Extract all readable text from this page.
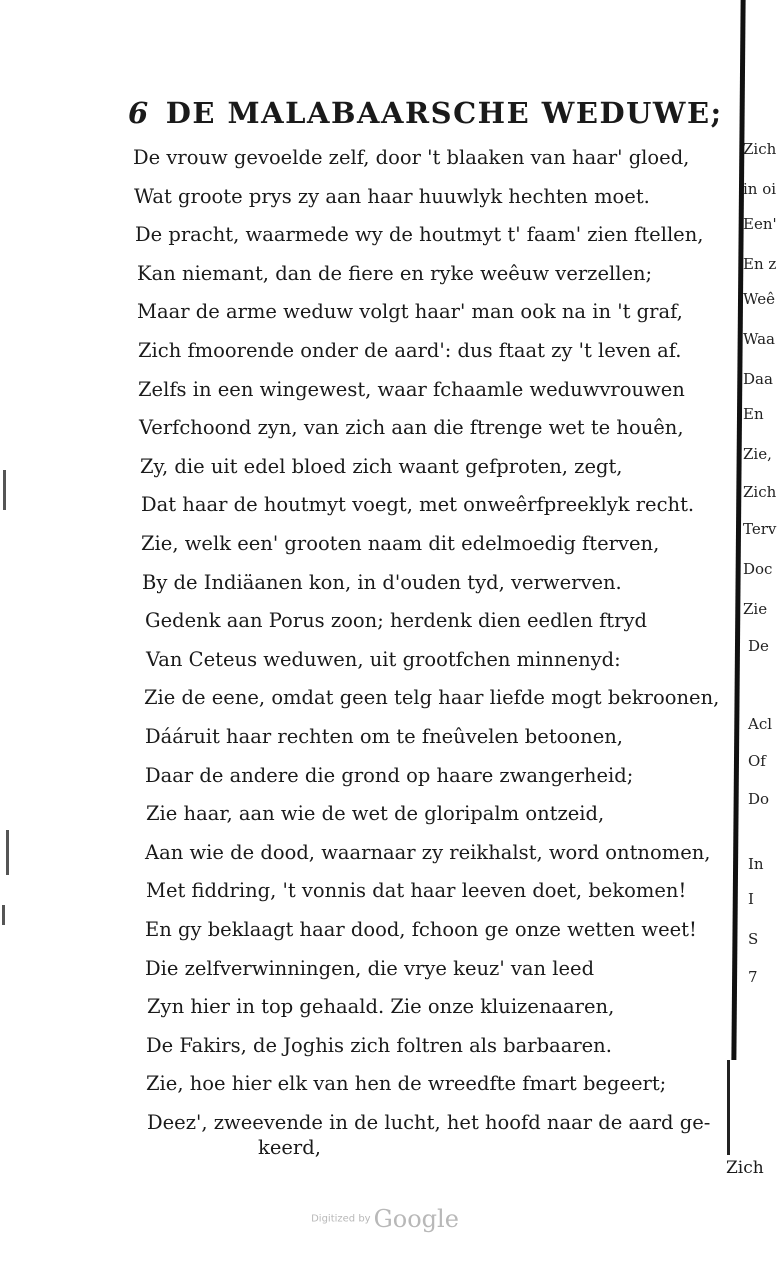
6 DE MALABAARSCHE WEDUWE;
De vrouw gevoelde zelf, door 't blaaken van haar' gloed,
Wat groote prys zy aan haar huuwlyk hechten moet.
De pracht, waarmede wy de houtmyt t' faam' zien ftellen,
Kan niemant, dan de fiere en ryke weêuw verzellen;
Maar de arme weduw volgt haar' man ook na in 't graf,
Zich fmoorende onder de aard': dus ftaat zy 't leven af.
Zelfs in een wingewest, waar fchaamle weduwvrouwen
Verfchoond zyn, van zich aan die ftrenge wet te houên,
Zy, die uit edel bloed zich waant gefproten, zegt,
Dat haar de houtmyt voegt, met onweêrfpreeklyk recht.
Zie, welk een' grooten naam dit edelmoedig fterven,
By de Indiäanen kon, in d'ouden tyd, verwerven.
Gedenk aan Porus zoon; herdenk dien eedlen ftryd
Van Ceteus weduwen, uit grootfchen minnenyd:
Zie de eene, omdat geen telg haar liefde mogt bekroonen,
Dááruit haar rechten om te fneûvelen betoonen,
Daar de andere die grond op haare zwangerheid;
Zie haar, aan wie de wet de gloripalm ontzeid,
Aan wie de dood, waarnaar zy reikhalst, word ontnomen,
Met fiddring, 't vonnis dat haar leeven doet, bekomen!
En gy beklaagt haar dood, fchoon ge onze wetten weet!
Die zelfverwinningen, die vrye keuz' van leed
Zyn hier in top gehaald. Zie onze kluizenaaren,
De Fakirs, de Joghis zich foltren als barbaaren.
Zie, hoe hier elk van hen de wreedfte fmart begeert;
Deez', zweevende in de lucht, het hoofd naar de aard ge-
keerd,
Zich
Zich
in oi
Een'
En z
Weê
Waa
Daa
En
Zie,
Zich
Terv
Doc
Zie
De
Acl
Of
Do
In
I
S
7
Digitized by Google
